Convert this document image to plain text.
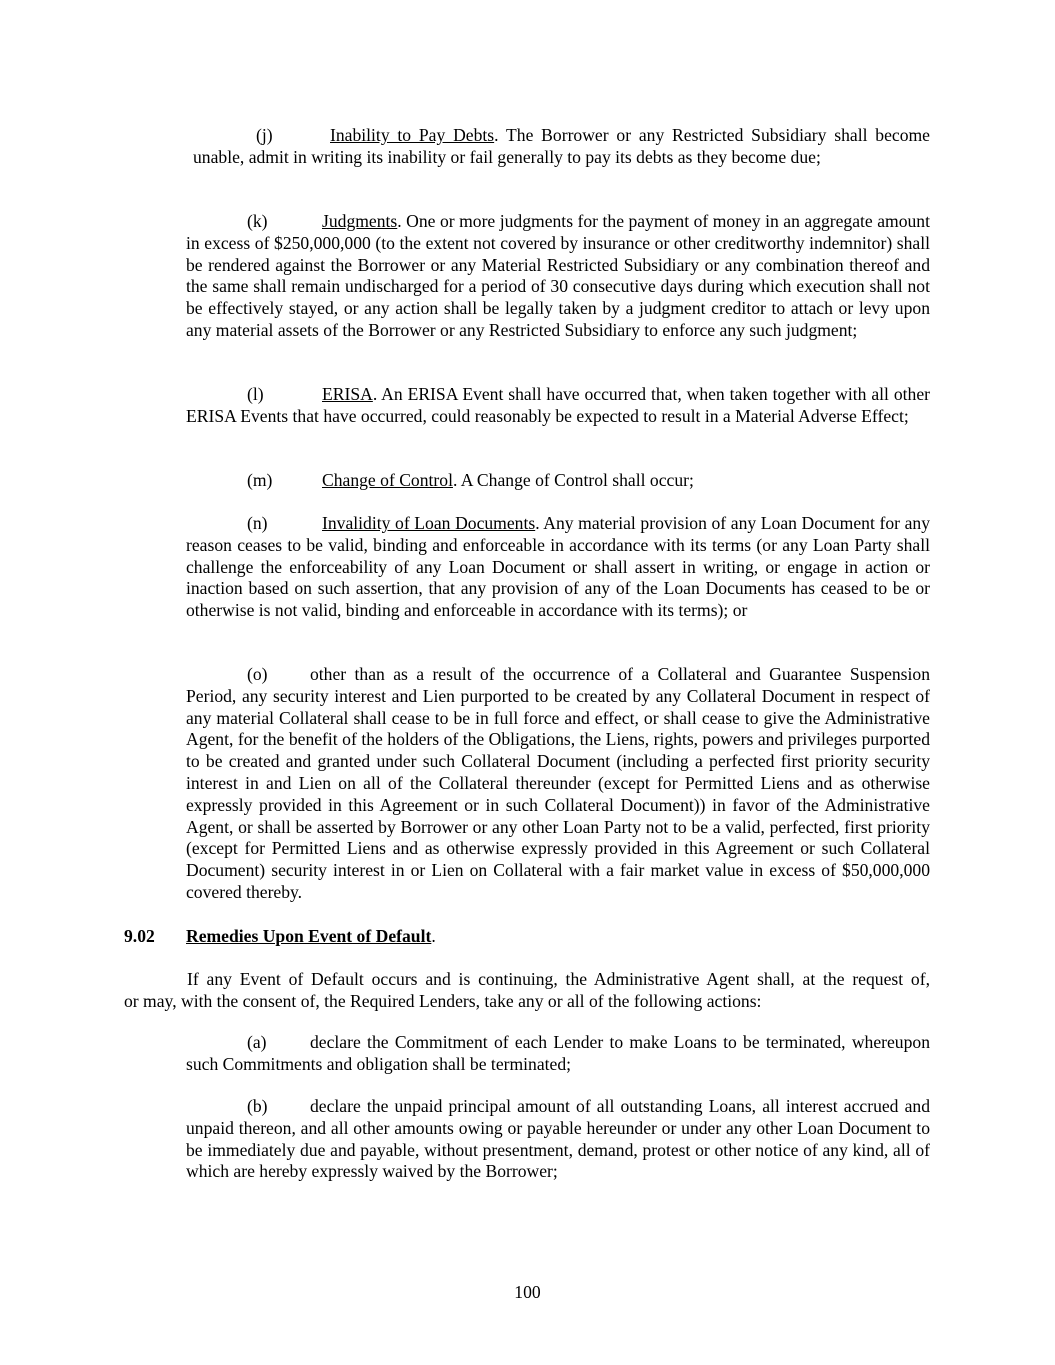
(j)	Inability to Pay Debts. The Borrower or any Restricted Subsidiary shall become unable, admit in writing its inability or fail generally to pay its debts as they become due;

(k)	Judgments. One or more judgments for the payment of money in an aggregate amount in excess of $250,000,000 (to the extent not covered by insurance or other creditworthy indemnitor) shall be rendered against the Borrower or any Material Restricted Subsidiary or any combination thereof and the same shall remain undischarged for a period of 30 consecutive days during which execution shall not be effectively stayed, or any action shall be legally taken by a judgment creditor to attach or levy upon any material assets of the Borrower or any Restricted Subsidiary to enforce any such judgment;

(l)	ERISA. An ERISA Event shall have occurred that, when taken together with all other ERISA Events that have occurred, could reasonably be expected to result in a Material Adverse Effect;

(m)	Change of Control. A Change of Control shall occur;

(n)	Invalidity of Loan Documents. Any material provision of any Loan Document for any reason ceases to be valid, binding and enforceable in accordance with its terms (or any Loan Party shall challenge the enforceability of any Loan Document or shall assert in writing, or engage in action or inaction based on such assertion, that any provision of any of the Loan Documents has ceased to be or otherwise is not valid, binding and enforceable in accordance with its terms); or

(o) other than as a result of the occurrence of a Collateral and Guarantee Suspension Period, any security interest and Lien purported to be created by any Collateral Document in respect of any material Collateral shall cease to be in full force and effect, or shall cease to give the Administrative Agent, for the benefit of the holders of the Obligations, the Liens, rights, powers and privileges purported to be created and granted under such Collateral Document (including a perfected first priority security interest in and Lien on all of the Collateral thereunder (except for Permitted Liens and as otherwise expressly provided in this Agreement or in such Collateral Document)) in favor of the Administrative Agent, or shall be asserted by Borrower or any other Loan Party not to be a valid, perfected, first priority (except for Permitted Liens and as otherwise expressly provided in this Agreement or such Collateral Document) security interest in or Lien on Collateral with a fair market value in excess of $50,000,000 covered thereby.

9.02 Remedies Upon Event of Default.

If any Event of Default occurs and is continuing, the Administrative Agent shall, at the request of,

or may, with the consent of, the Required Lenders, take any or all of the following actions:

(a) declare the Commitment of each Lender to make Loans to be terminated, whereupon such Commitments and obligation shall be terminated;

(b) declare the unpaid principal amount of all outstanding Loans, all interest accrued and unpaid thereon, and all other amounts owing or payable hereunder or under any other Loan Document to be immediately due and payable, without presentment, demand, protest or other notice of any kind, all of which are hereby expressly waived by the Borrower;

100
